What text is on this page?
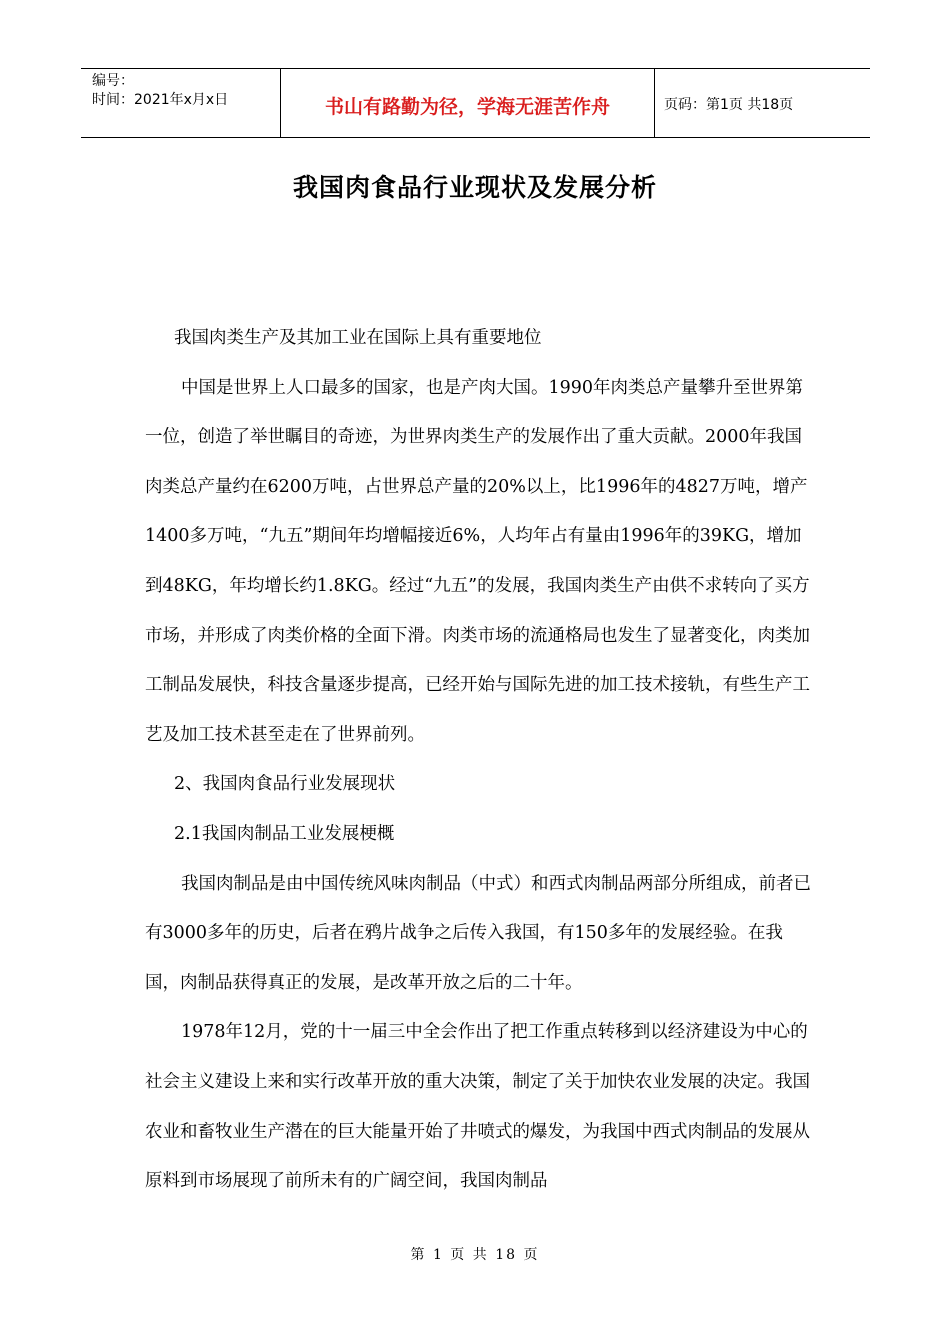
编号：
时间：2021年x月x日	书山有路勤为径，学海无涯苦作舟	页码：第1页 共18页
我国肉食品行业现状及发展分析

我国肉类生产及其加工业在国际上具有重要地位

中国是世界上人口最多的国家，也是产肉大国。1990年肉类总产量攀升至世界第一位，创造了举世瞩目的奇迹，为世界肉类生产的发展作出了重大贡献。2000年我国肉类总产量约在6200万吨，占世界总产量的20%以上，比1996年的4827万吨，增产1400多万吨，“九五”期间年均增幅接近6%，人均年占有量由1996年的39KG，增加到48KG，年均增长约1.8KG。经过“九五”的发展，我国肉类生产由供不求转向了买方市场，并形成了肉类价格的全面下滑。肉类市场的流通格局也发生了显著变化，肉类加工制品发展快，科技含量逐步提高，已经开始与国际先进的加工技术接轨，有些生产工艺及加工技术甚至走在了世界前列。

2、我国肉食品行业发展现状

2.1我国肉制品工业发展梗概

我国肉制品是由中国传统风味肉制品（中式）和西式肉制品两部分所组成，前者已有3000多年的历史，后者在鸦片战争之后传入我国，有150多年的发展经验。在我国，肉制品获得真正的发展，是改革开放之后的二十年。

1978年12月，党的十一届三中全会作出了把工作重点转移到以经济建设为中心的社会主义建设上来和实行改革开放的重大决策，制定了关于加快农业发展的决定。我国农业和畜牧业生产潜在的巨大能量开始了井喷式的爆发，为我国中西式肉制品的发展从原料到市场展现了前所未有的广阔空间，我国肉制品

第 1 页 共 18 页
